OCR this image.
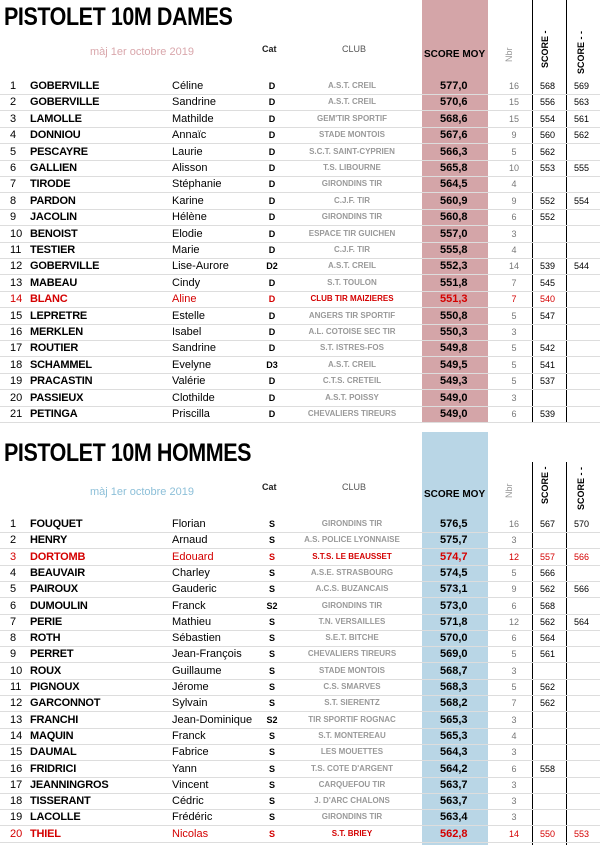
PISTOLET 10M DAMES
màj 1er octobre 2019	Cat	CLUB	SCORE MOY Nbr	SCORE -	SCORE - -
1	GOBERVILLE	Céline	D	A.S.T. CREIL	577,0	16	568 569
2	GOBERVILLE	Sandrine	D	A.S.T. CREIL	570,6	15	556 563
3	LAMOLLE	Mathilde	D	GEM'TIR SPORTIF	568,6	15	554 561
4	DONNIOU	Annaïc	D	STADE MONTOIS	567,6	9	560 562
5	PESCAYRE	Laurie	D	S.C.T. SAINT-CYPRIEN	566,3	5	562
6	GALLIEN	Alisson	D	T.S. LIBOURNE	565,8	10	553 555
7	TIRODE	Stéphanie	D	GIRONDINS TIR	564,5	4
8	PARDON	Karine	D	C.J.F. TIR	560,9	9	552 554
9	JACOLIN	Hélène	D	GIRONDINS TIR	560,8	6	552
10 BENOIST	Elodie	D	ESPACE TIR GUICHEN	557,0	3
11 TESTIER	Marie	D	C.J.F. TIR	555,8	4
12 GOBERVILLE	Lise-Aurore	D2	A.S.T. CREIL	552,3	14	539 544
13 MABEAU	Cindy	D	S.T. TOULON	551,8	7	545
14 BLANC	Aline	D	CLUB TIR MAIZIERES	551,3	7	540
15 LEPRETRE	Estelle	D	ANGERS TIR SPORTIF	550,8	5	547
16 MERKLEN	Isabel	D	A.L. COTOISE SEC TIR	550,3	3
17 ROUTIER	Sandrine	D	S.T. ISTRES-FOS	549,8	5	542
18 SCHAMMEL	Evelyne	D3	A.S.T. CREIL	549,5	5	541
19 PRACASTIN	Valérie	D	C.T.S. CRETEIL	549,3	5	537
20 PASSIEUX	Clothilde	D	A.S.T. POISSY	549,0	3
21 PETINGA	Priscilla	D	CHEVALIERS TIREURS	549,0	6	539
PISTOLET 10M HOMMES
màj 1er octobre 2019	Cat	CLUB
SCORE MOY Nbr	SCORE -	SCORE - -
1	FOUQUET	Florian	S	GIRONDINS TIR	576,5	16	567 570
2	HENRY	Arnaud	S	A.S. POLICE LYONNAISE	575,7	3
3	DORTOMB	Edouard	S	S.T.S. LE BEAUSSET	574,7	12	557 566
4	BEAUVAIR	Charley	S	A.S.E. STRASBOURG	574,5	5	566
5	PAIROUX	Gauderic	S	A.C.S. BUZANCAIS	573,1	9	562 566
6	DUMOULIN	Franck	S2	GIRONDINS TIR	573,0	6	568
7	PERIE	Mathieu	S	T.N. VERSAILLES	571,8	12	562 564
8	ROTH	Sébastien	S	S.E.T. BITCHE	570,0	6	564
9	PERRET	Jean-François	S	CHEVALIERS TIREURS	569,0	5	561
10 ROUX	Guillaume	S	STADE MONTOIS	568,7	3
11 PIGNOUX	Jérome	S	C.S. SMARVES	568,3	5	562
12 GARCONNOT	Sylvain	S	S.T. SIERENTZ	568,2	7	562
13 FRANCHI	Jean-Dominique	S2	TIR SPORTIF ROGNAC	565,3	3
14 MAQUIN	Franck	S	S.T. MONTEREAU	565,3	4
15 DAUMAL	Fabrice	S	LES MOUETTES	564,3	3
16 FRIDRICI	Yann	S	T.S. COTE D'ARGENT	564,2	6	558
17 JEANNINGROS	Vincent	S	CARQUEFOU TIR	563,7	3
18 TISSERANT	Cédric	S	J. D'ARC CHALONS	563,7	3
19 LACOLLE	Frédéric	S	GIRONDINS TIR	563,4	3
20 THIEL	Nicolas	S	S.T. BRIEY	562,8	14	550 553
